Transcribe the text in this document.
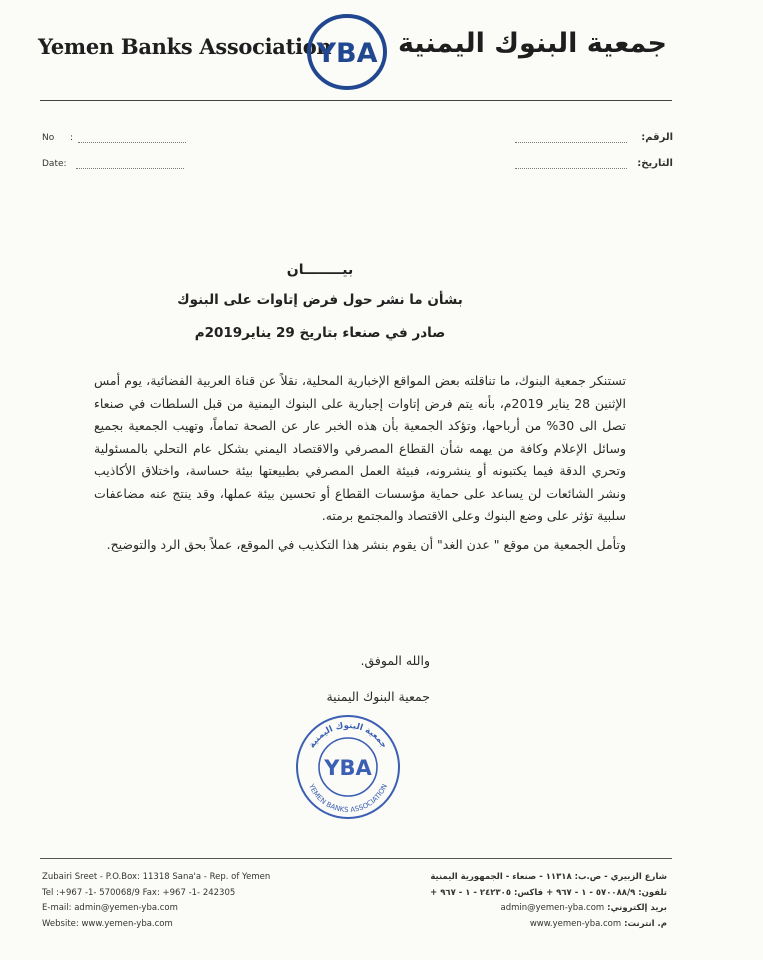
Yemen Banks Association
YBA جمعية البنوك اليمنية
No	:
Date:
الرقم:
التاريخ:
بيــــــــان
بشأن ما نشر حول فرض إتاوات على البنوك
صادر في صنعاء بتاريخ 29 يناير2019م

تستنكر جمعية البنوك، ما تناقلته بعض المواقع الإخبارية المحلية، نقلاً عن قناة العربية الفضائية، يوم أمس الإثنين 28 يناير 2019م، بأنه يتم فرض إتاوات إجبارية على البنوك اليمنية من قبل السلطات في صنعاء تصل الى 30% من أرباحها، وتؤكد الجمعية بأن هذه الخبر عار عن الصحة تماماً، وتهيب الجمعية بجميع وسائل الإعلام وكافة من يهمه شأن القطاع المصرفي والاقتصاد اليمني بشكل عام التحلي بالمسئولية وتحري الدقة فيما يكتبونه أو ينشرونه، فبيئة العمل المصرفي بطبيعتها بيئة حساسة، واختلاق الأكاذيب ونشر الشائعات لن يساعد على حماية مؤسسات القطاع أو تحسين بيئة عملها، وقد ينتج عنه مضاعفات سلبية تؤثر على وضع البنوك وعلى الاقتصاد والمجتمع برمته.

وتأمل الجمعية من موقع " عدن الغد" أن يقوم بنشر هذا التكذيب في الموقع، عملاً بحق الرد والتوضيح.

والله الموفق.
جمعية البنوك اليمنية
جمعية البنوك اليمنية
YEMEN BANKS ASSOCIATION
YBA
Zubairi Sreet - P.O.Box: 11318 Sana'a - Rep. of Yemen
Tel :+967 -1- 570068/9 Fax: +967 -1- 242305
E-mail: admin@yemen-yba.com
Website: www.yemen-yba.com
شارع الزبيري - ص.ب: ١١٣١٨ - صنعاء - الجمهورية اليمنية
تلفون: ٥٧٠٠٨٨/٩ - ١ - ٩٦٧ + فاكس: ٢٤٢٣٠٥ - ١ - ٩٦٧ +
بريد إلكتروني: admin@yemen-yba.com
م. انترنت: www.yemen-yba.com
